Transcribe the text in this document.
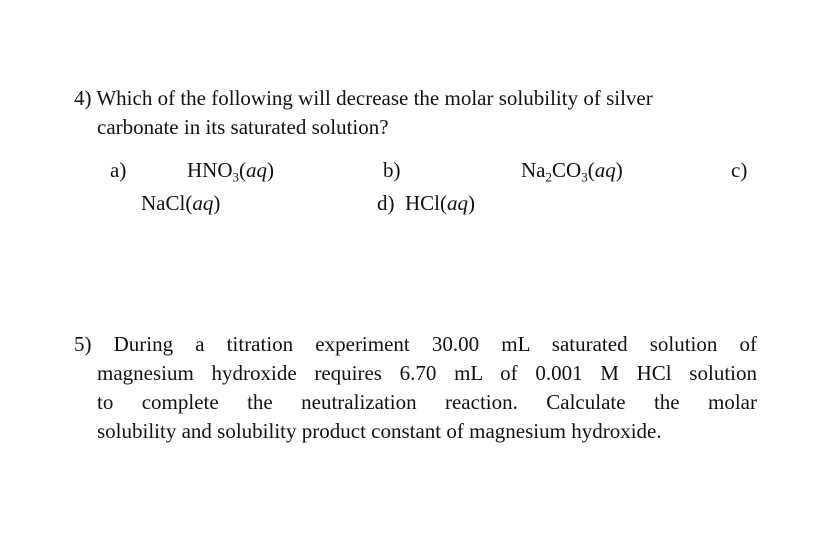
4) Which of the following will decrease the molar solubility of silver
carbonate in its saturated solution?
a)	$HNO_3(aq)$	b)	$Na_2CO_3(aq)$	c)
NaCl(aq)	d) HCl(aq)
5) During a titration experiment 30.00 mL saturated solution of
magnesium hydroxide requires 6.70 mL of 0.001 M HCl solution
to complete the neutralization reaction. Calculate the molar
solubility and solubility product constant of magnesium hydroxide.
